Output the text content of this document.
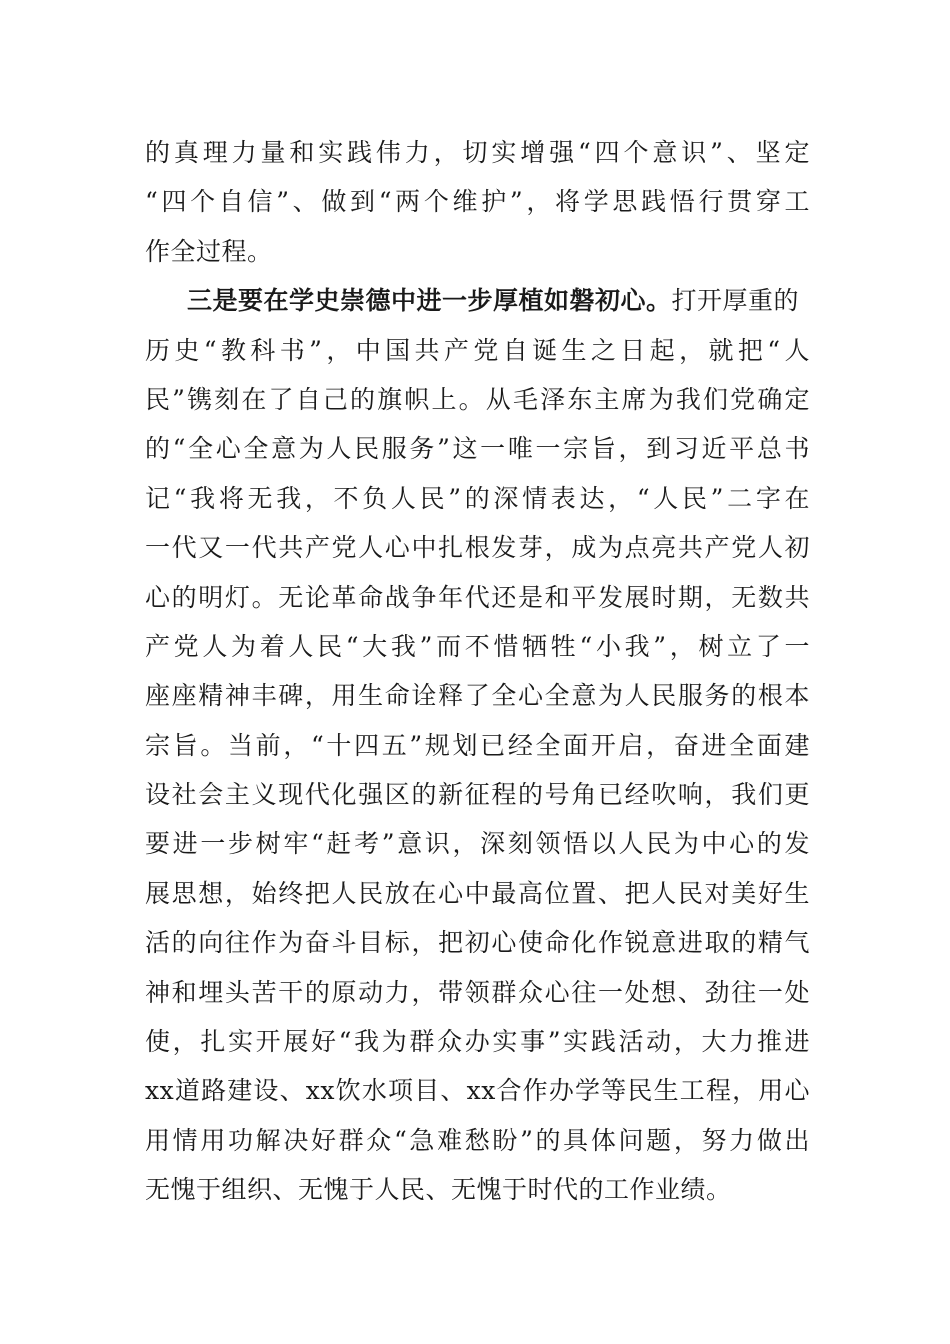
的真理力量和实践伟力，切实增强“四个意识”、坚定
“四个自信”、做到“两个维护”，将学思践悟行贯穿工
作全过程。
三是要在学史崇德中进一步厚植如磐初心。打开厚重的
历史“教科书”，中国共产党自诞生之日起，就把“人
民”镌刻在了自己的旗帜上。从毛泽东主席为我们党确定
的“全心全意为人民服务”这一唯一宗旨，到习近平总书
记“我将无我，不负人民”的深情表达，“人民”二字在
一代又一代共产党人心中扎根发芽，成为点亮共产党人初
心的明灯。无论革命战争年代还是和平发展时期，无数共
产党人为着人民“大我”而不惜牺牲“小我”，树立了一
座座精神丰碑，用生命诠释了全心全意为人民服务的根本
宗旨。当前，“十四五”规划已经全面开启，奋进全面建
设社会主义现代化强区的新征程的号角已经吹响，我们更
要进一步树牢“赶考”意识，深刻领悟以人民为中心的发
展思想，始终把人民放在心中最高位置、把人民对美好生
活的向往作为奋斗目标，把初心使命化作锐意进取的精气
神和埋头苦干的原动力，带领群众心往一处想、劲往一处
使，扎实开展好“我为群众办实事”实践活动，大力推进
xx道路建设、xx饮水项目、xx合作办学等民生工程，用心
用情用功解决好群众“急难愁盼”的具体问题，努力做出
无愧于组织、无愧于人民、无愧于时代的工作业绩。
